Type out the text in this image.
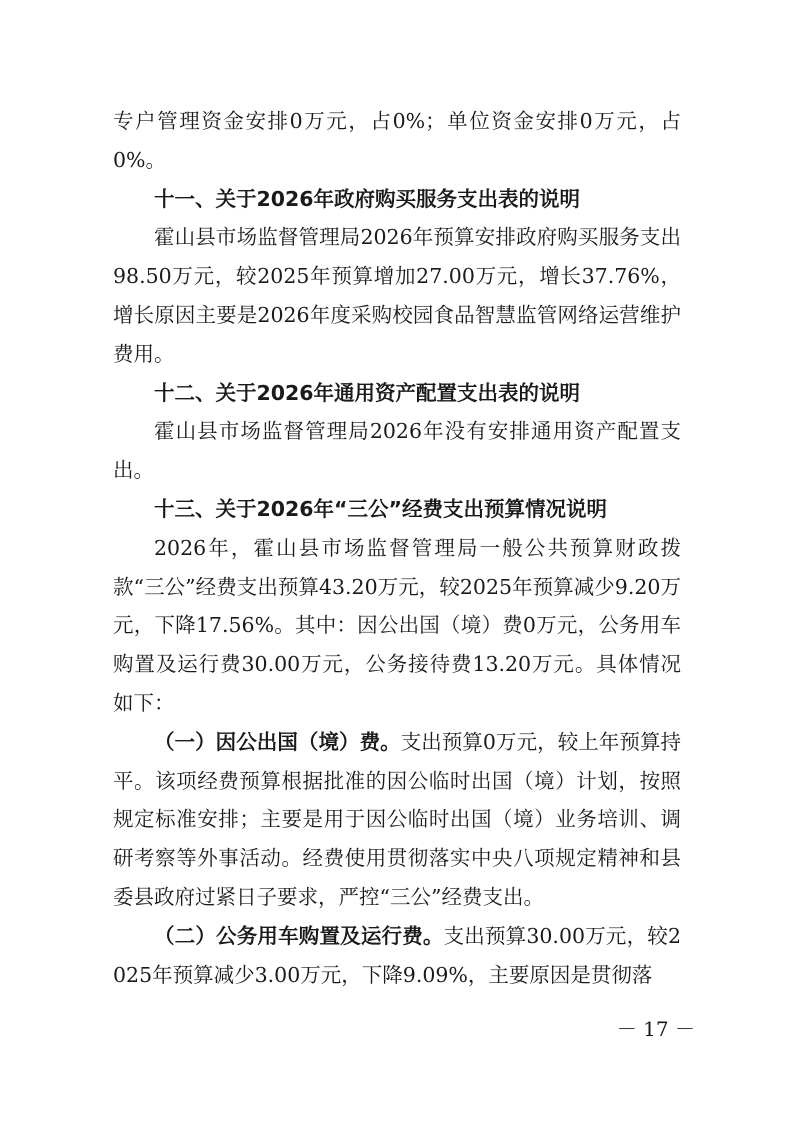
专户管理资金安排0万元，占0%；单位资金安排0万元，占0%。

十一、关于2026年政府购买服务支出表的说明

霍山县市场监督管理局2026年预算安排政府购买服务支出98.50万元，较2025年预算增加27.00万元，增长37.76%，增长原因主要是2026年度采购校园食品智慧监管网络运营维护费用。

十二、关于2026年通用资产配置支出表的说明

霍山县市场监督管理局2026年没有安排通用资产配置支出。

十三、关于2026年“三公”经费支出预算情况说明

2026年，霍山县市场监督管理局一般公共预算财政拨款“三公”经费支出预算43.20万元，较2025年预算减少9.20万元，下降17.56%。其中：因公出国（境）费0万元，公务用车购置及运行费30.00万元，公务接待费13.20万元。具体情况如下：

（一）因公出国（境）费。支出预算0万元，较上年预算持平。该项经费预算根据批准的因公临时出国（境）计划，按照规定标准安排；主要是用于因公临时出国（境）业务培训、调研考察等外事活动。经费使用贯彻落实中央八项规定精神和县委县政府过紧日子要求，严控“三公”经费支出。

（二）公务用车购置及运行费。支出预算30.00万元，较2025年预算减少3.00万元，下降9.09%，主要原因是贯彻落

－ 17 －
